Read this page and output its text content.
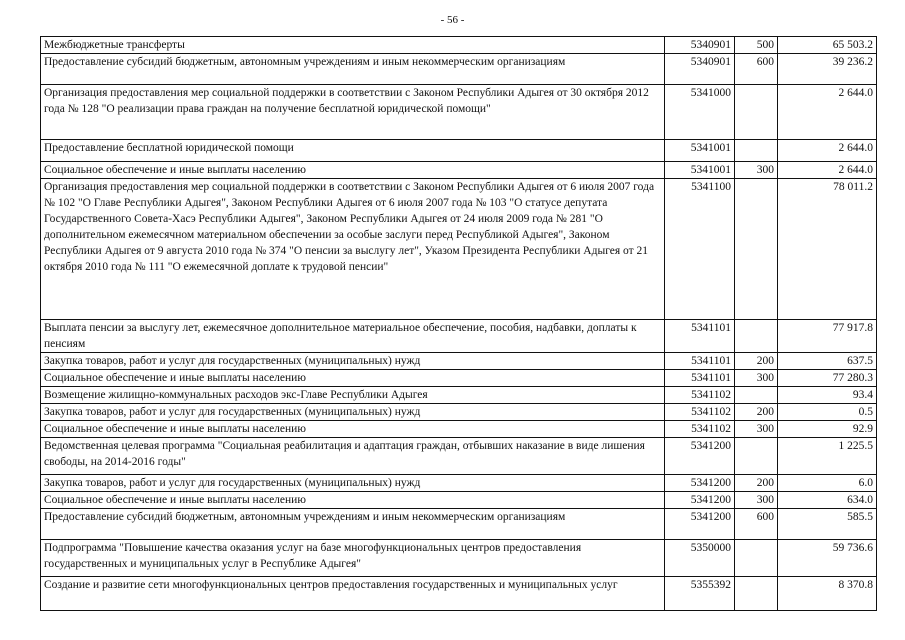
- 56 -
Межбюджетные трансферты	5340901	500	65 503.2
Предоставление субсидий бюджетным, автономным учреждениям и иным некоммерческим организациям	5340901	600	39 236.2
Организация предоставления мер социальной поддержки в соответствии с Законом Республики Адыгея от 30 октября 2012 года № 128 "О реализации права граждан на получение бесплатной юридической помощи"	5341000		2 644.0
Предоставление бесплатной юридической помощи	5341001		2 644.0
Социальное обеспечение и иные выплаты населению	5341001	300	2 644.0
Организация предоставления мер социальной поддержки в соответствии с Законом Республики Адыгея от 6 июля 2007 года № 102 "О Главе Республики Адыгея", Законом Республики Адыгея от 6 июля 2007 года № 103 "О статусе депутата Государственного Совета-Хасэ Республики Адыгея", Законом Республики Адыгея от 24 июля 2009 года № 281 "О дополнительном ежемесячном материальном обеспечении за особые заслуги перед Республикой Адыгея", Законом Республики Адыгея от 9 августа 2010 года № 374 "О пенсии за выслугу лет", Указом Президента Республики Адыгея от 21 октября 2010 года № 111 "О ежемесячной доплате к трудовой пенсии"	5341100		78 011.2
Выплата пенсии за выслугу лет, ежемесячное дополнительное материальное обеспечение, пособия, надбавки, доплаты к пенсиям	5341101		77 917.8
Закупка товаров, работ и услуг для государственных (муниципальных) нужд	5341101	200	637.5
Социальное обеспечение и иные выплаты населению	5341101	300	77 280.3
Возмещение жилищно-коммунальных расходов экс-Главе Республики Адыгея	5341102		93.4
Закупка товаров, работ и услуг для государственных (муниципальных) нужд	5341102	200	0.5
Социальное обеспечение и иные выплаты населению	5341102	300	92.9
Ведомственная целевая программа "Социальная реабилитация и адаптация граждан, отбывших наказание в виде лишения свободы, на 2014-2016 годы"	5341200		1 225.5
Закупка товаров, работ и услуг для государственных (муниципальных) нужд	5341200	200	6.0
Социальное обеспечение и иные выплаты населению	5341200	300	634.0
Предоставление субсидий бюджетным, автономным учреждениям и иным некоммерческим организациям	5341200	600	585.5
Подпрограмма "Повышение качества оказания услуг на базе многофункциональных центров предоставления государственных и муниципальных услуг в Республике Адыгея"	5350000		59 736.6
Создание и развитие сети многофункциональных центров предоставления государственных и муниципальных услуг	5355392		8 370.8
